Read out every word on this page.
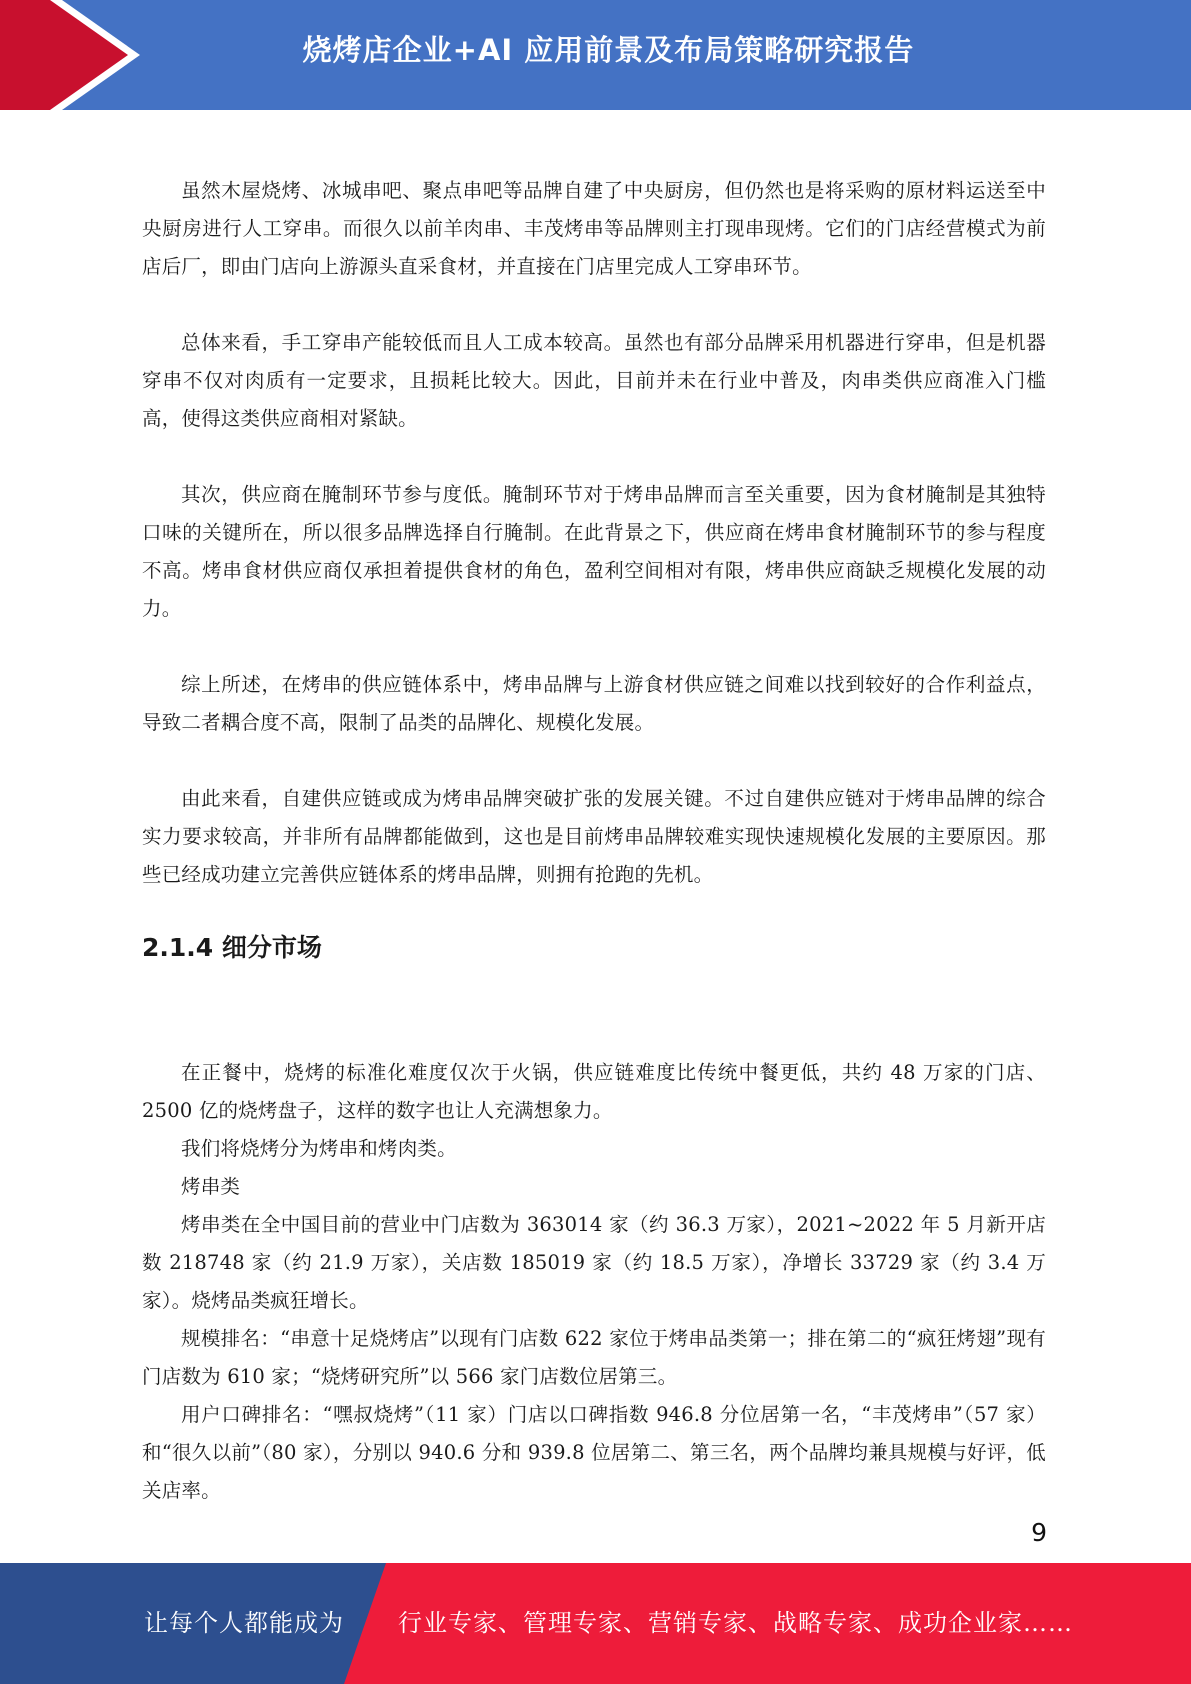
烧烤店企业+AI 应用前景及布局策略研究报告

虽然木屋烧烤、冰城串吧、聚点串吧等品牌自建了中央厨房，但仍然也是将采购的原材料运送至中央厨房进行人工穿串。而很久以前羊肉串、丰茂烤串等品牌则主打现串现烤。它们的门店经营模式为前店后厂，即由门店向上游源头直采食材，并直接在门店里完成人工穿串环节。

总体来看，手工穿串产能较低而且人工成本较高。虽然也有部分品牌采用机器进行穿串，但是机器穿串不仅对肉质有一定要求，且损耗比较大。因此，目前并未在行业中普及，肉串类供应商准入门槛高，使得这类供应商相对紧缺。

其次，供应商在腌制环节参与度低。腌制环节对于烤串品牌而言至关重要，因为食材腌制是其独特口味的关键所在，所以很多品牌选择自行腌制。在此背景之下，供应商在烤串食材腌制环节的参与程度不高。烤串食材供应商仅承担着提供食材的角色，盈利空间相对有限，烤串供应商缺乏规模化发展的动力。

综上所述，在烤串的供应链体系中，烤串品牌与上游食材供应链之间难以找到较好的合作利益点，导致二者耦合度不高，限制了品类的品牌化、规模化发展。

由此来看，自建供应链或成为烤串品牌突破扩张的发展关键。不过自建供应链对于烤串品牌的综合实力要求较高，并非所有品牌都能做到，这也是目前烤串品牌较难实现快速规模化发展的主要原因。那些已经成功建立完善供应链体系的烤串品牌，则拥有抢跑的先机。

2.1.4 细分市场

在正餐中，烧烤的标准化难度仅次于火锅，供应链难度比传统中餐更低，共约 48 万家的门店、2500 亿的烧烤盘子，这样的数字也让人充满想象力。

我们将烧烤分为烤串和烤肉类。

烤串类

烤串类在全中国目前的营业中门店数为 363014 家（约 36.3 万家），2021~2022 年 5 月新开店数 218748 家（约 21.9 万家），关店数 185019 家（约 18.5 万家），净增长 33729 家（约 3.4 万家）。烧烤品类疯狂增长。

规模排名：“串意十足烧烤店”以现有门店数 622 家位于烤串品类第一；排在第二的“疯狂烤翅”现有门店数为 610 家；“烧烤研究所”以 566 家门店数位居第三。

用户口碑排名：“嘿叔烧烤”（11 家）门店以口碑指数 946.8 分位居第一名，“丰茂烤串”（57 家）和“很久以前”（80 家），分别以 940.6 分和 939.8 位居第二、第三名，两个品牌均兼具规模与好评，低关店率。

9
让每个人都能成为 行业专家、管理专家、营销专家、战略专家、成功企业家……
